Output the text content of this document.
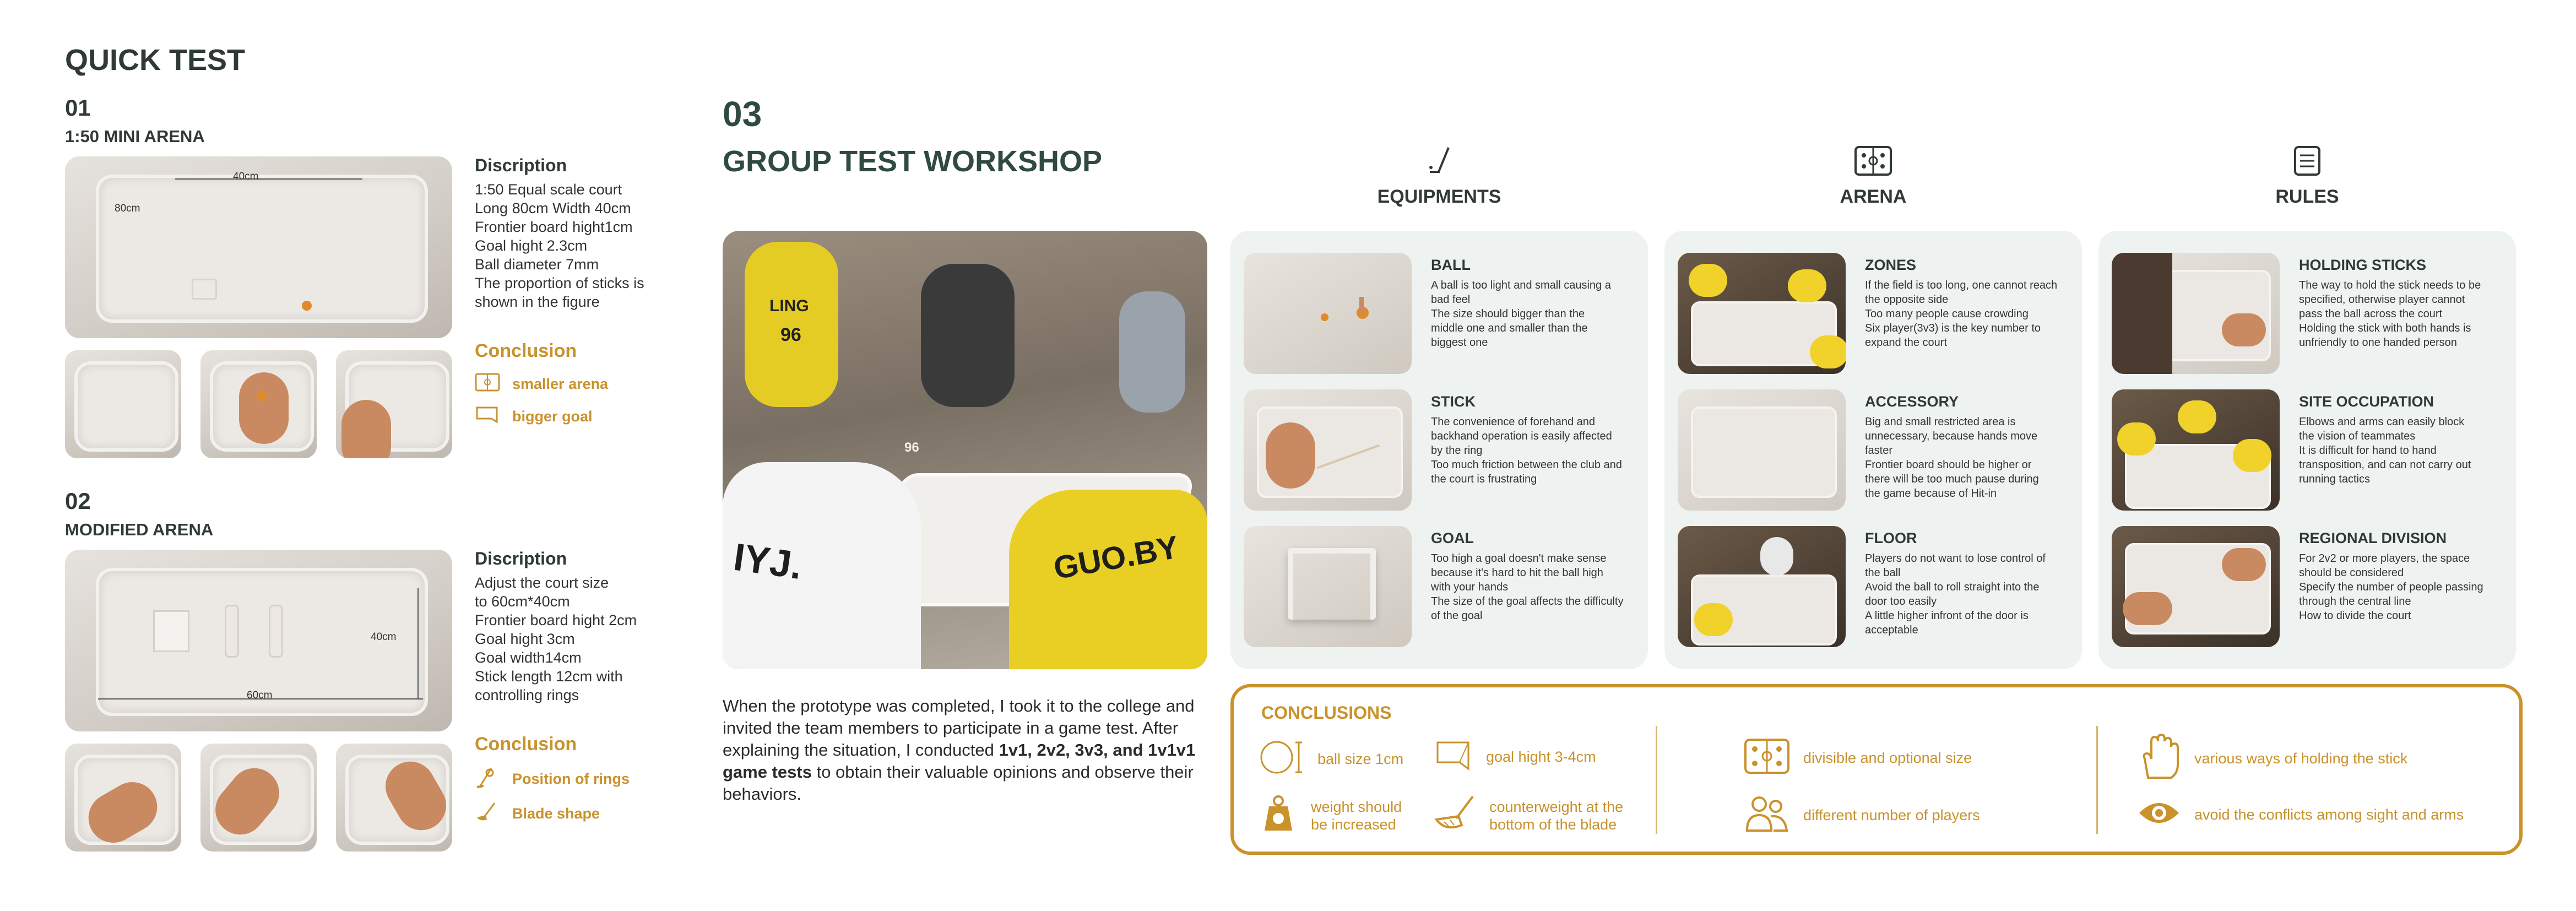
QUICK TEST
01
1:50 MINI ARENA
40cm
80cm
Discription
1:50 Equal scale court
Long 80cm Width 40cm
Frontier board hight1cm
Goal hight 2.3cm
Ball diameter 7mm
The proportion of sticks is
shown in the figure
Conclusion
smaller arena
bigger goal
02
MODIFIED ARENA
40cm
60cm
Discription
Adjust the court size
to 60cm*40cm
Frontier board hight 2cm
Goal hight 3cm
Goal width14cm
Stick length 12cm with
controlling rings
Conclusion
Position of rings
Blade shape
03
GROUP TEST WORKSHOP
LING
96
96
IYJ.	GUO.BY
When the prototype was completed, I took it to the college and invited the team members to participate in a game test. After explaining the situation, I conducted 1v1, 2v2, 3v3, and 1v1v1 game tests to obtain their valuable opinions and observe their behaviors.
EQUIPMENTS	ARENA	RULES
BALL
A ball is too light and small causing a
bad feel
The size should bigger than the
middle one and smaller than the
biggest one
STICK
The convenience of forehand and
backhand operation is easily affected
by the ring
Too much friction between the club and
the court is frustrating
GOAL
Too high a goal doesn't make sense
because it's hard to hit the ball high
with your hands
The size of the goal affects the difficulty
of the goal
ZONES
If the field is too long, one cannot reach
the opposite side
Too many people cause crowding
Six player(3v3) is the key number to
expand the court
ACCESSORY
Big and small restricted area is
unnecessary, because hands move
faster
Frontier board should be higher or
there will be too much pause during
the game because of Hit-in
FLOOR
Players do not want to lose control of
the ball
Avoid the ball to roll straight into the
door too easily
A little higher infront of the door is
acceptable
HOLDING STICKS
The way to hold the stick needs to be
specified, otherwise player cannot
pass the ball across the court
Holding the stick with both hands is
unfriendly to one handed person
SITE OCCUPATION
Elbows and arms can easily block
the vision of teammates
It is difficult for hand to hand
transposition, and can not carry out
running tactics
REGIONAL DIVISION
For 2v2 or more players, the space
should be considered
Specify the number of people passing
through the central line
How to divide the court
CONCLUSIONS
ball size 1cm	goal hight 3-4cm
weight should
be increased
counterweight at the
bottom of the blade
divisible and optional size
different number of players
various ways of holding the stick
avoid the conflicts among sight and arms
